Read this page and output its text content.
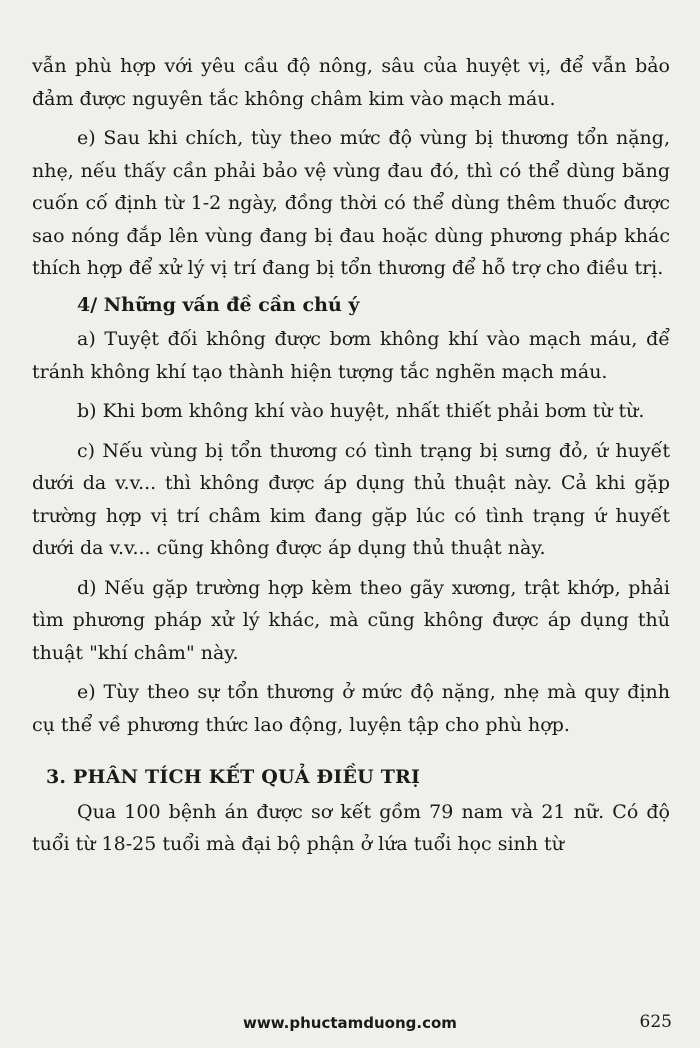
vẫn phù hợp với yêu cầu độ nông, sâu của huyệt vị, để vẫn bảo đảm được nguyên tắc không châm kim vào mạch máu.

e) Sau khi chích, tùy theo mức độ vùng bị thương tổn nặng, nhẹ, nếu thấy cần phải bảo vệ vùng đau đó, thì có thể dùng băng cuốn cố định từ 1-2 ngày, đồng thời có thể dùng thêm thuốc được sao nóng đắp lên vùng đang bị đau hoặc dùng phương pháp khác thích hợp để xử lý vị trí đang bị tổn thương để hỗ trợ cho điều trị.

4/ Những vấn đề cần chú ý

a) Tuyệt đối không được bơm không khí vào mạch máu, để tránh không khí tạo thành hiện tượng tắc nghẽn mạch máu.

b) Khi bơm không khí vào huyệt, nhất thiết phải bơm từ từ.

c) Nếu vùng bị tổn thương có tình trạng bị sưng đỏ, ứ huyết dưới da v.v... thì không được áp dụng thủ thuật này. Cả khi gặp trường hợp vị trí châm kim đang gặp lúc có tình trạng ứ huyết dưới da v.v... cũng không được áp dụng thủ thuật này.

d) Nếu gặp trường hợp kèm theo gãy xương, trật khớp, phải tìm phương pháp xử lý khác, mà cũng không được áp dụng thủ thuật "khí châm" này.

e) Tùy theo sự tổn thương ở mức độ nặng, nhẹ mà quy định cụ thể về phương thức lao động, luyện tập cho phù hợp.

3. PHÂN TÍCH KẾT QUẢ ĐIỀU TRỊ

Qua 100 bệnh án được sơ kết gồm 79 nam và 21 nữ. Có độ tuổi từ 18-25 tuổi mà đại bộ phận ở lứa tuổi học sinh từ

www.phuctamduong.com	625
